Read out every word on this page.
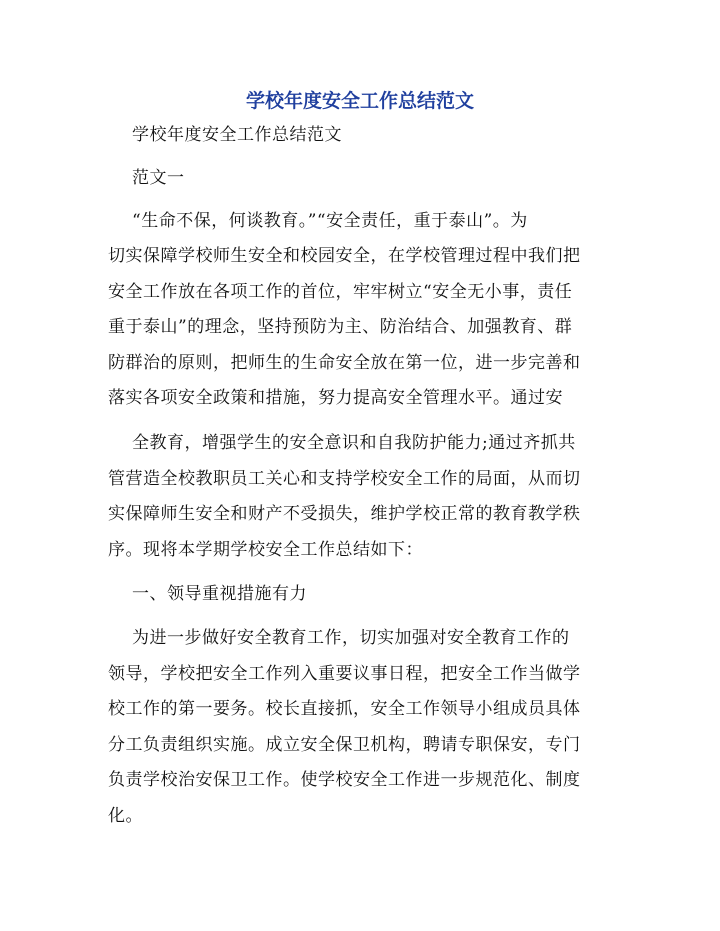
学校年度安全工作总结范文
学校年度安全工作总结范文
范文一
“生命不保，何谈教育。”“安全责任，重于泰山”。为
切实保障学校师生安全和校园安全，在学校管理过程中我们把
安全工作放在各项工作的首位，牢牢树立“安全无小事，责任
重于泰山”的理念，坚持预防为主、防治结合、加强教育、群
防群治的原则，把师生的生命安全放在第一位，进一步完善和
落实各项安全政策和措施，努力提高安全管理水平。通过安
全教育，增强学生的安全意识和自我防护能力;通过齐抓共
管营造全校教职员工关心和支持学校安全工作的局面，从而切
实保障师生安全和财产不受损失，维护学校正常的教育教学秩
序。现将本学期学校安全工作总结如下：
一、领导重视措施有力
为进一步做好安全教育工作，切实加强对安全教育工作的
领导，学校把安全工作列入重要议事日程，把安全工作当做学
校工作的第一要务。校长直接抓，安全工作领导小组成员具体
分工负责组织实施。成立安全保卫机构，聘请专职保安，专门
负责学校治安保卫工作。使学校安全工作进一步规范化、制度
化。
